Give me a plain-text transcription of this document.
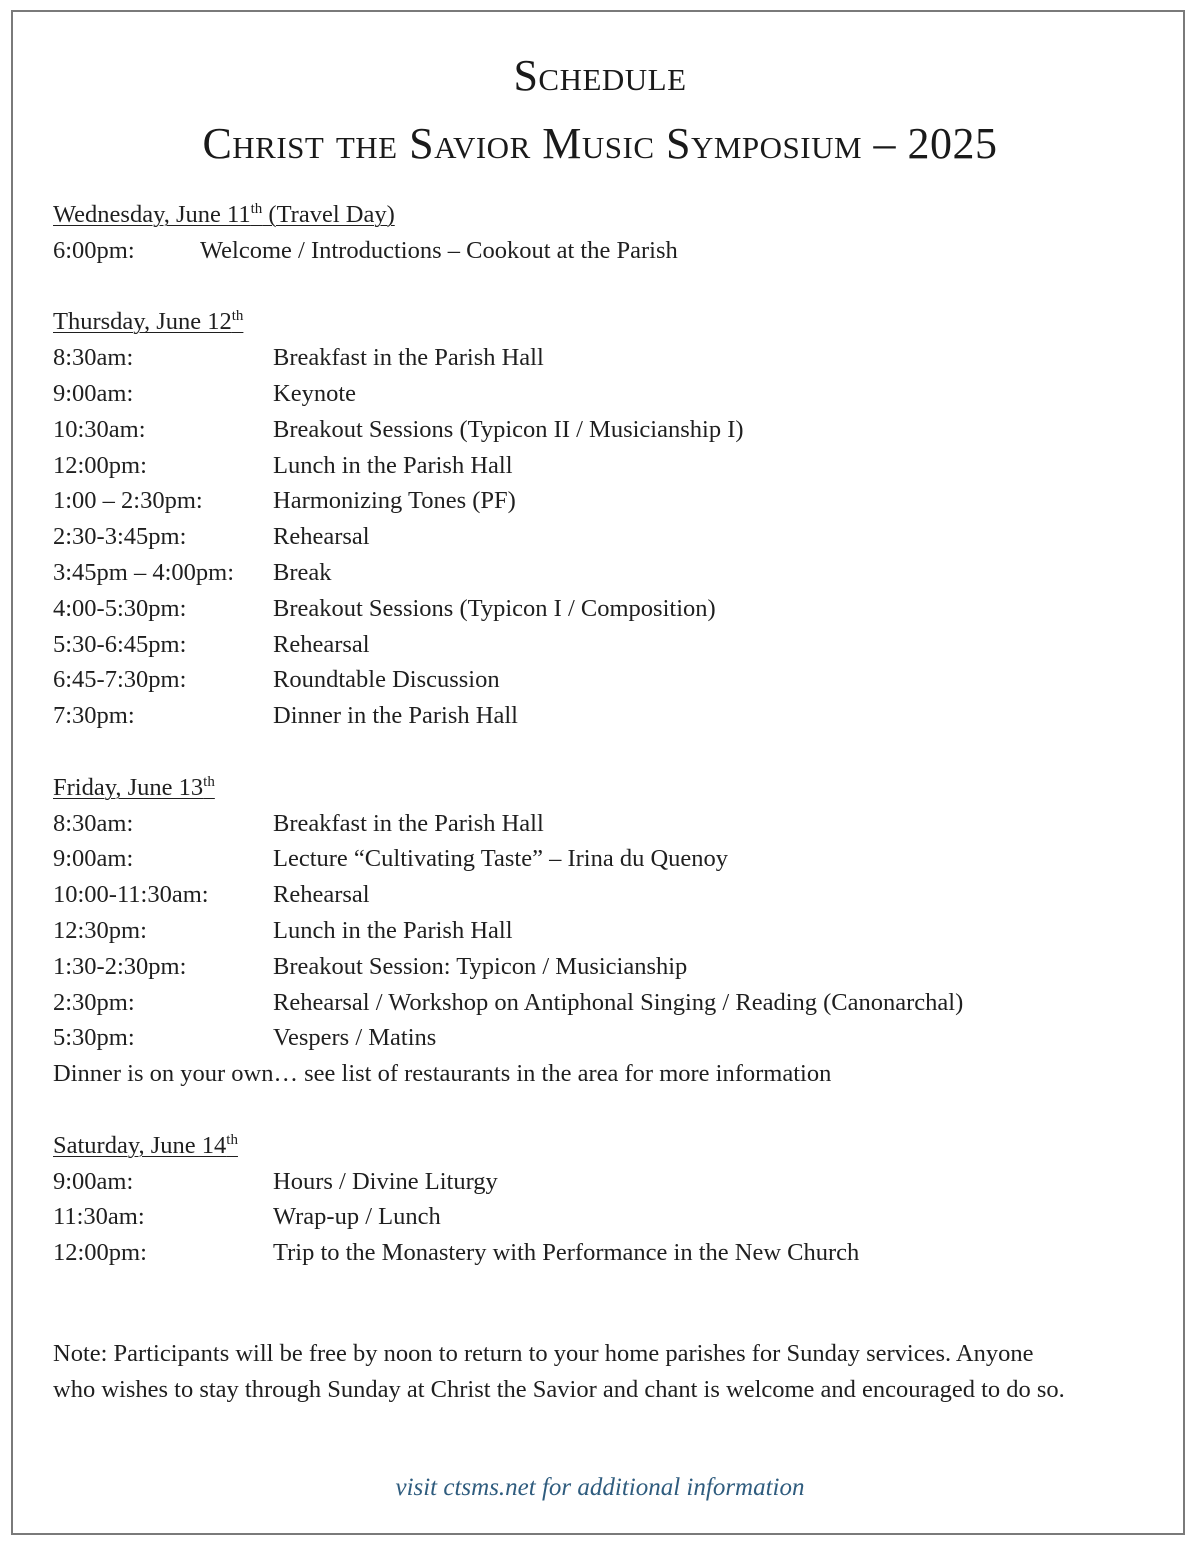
Schedule
Christ the Savior Music Symposium – 2025
Wednesday, June 11th (Travel Day)
6:00pm:	Welcome / Introductions – Cookout at the Parish
Thursday, June 12th
8:30am:	Breakfast in the Parish Hall
9:00am:	Keynote
10:30am:	Breakout Sessions (Typicon II / Musicianship I)
12:00pm:	Lunch in the Parish Hall
1:00 – 2:30pm:	Harmonizing Tones (PF)
2:30-3:45pm:	Rehearsal
3:45pm – 4:00pm:	Break
4:00-5:30pm:	Breakout Sessions (Typicon I / Composition)
5:30-6:45pm:	Rehearsal
6:45-7:30pm:	Roundtable Discussion
7:30pm:	Dinner in the Parish Hall
Friday, June 13th
8:30am:	Breakfast in the Parish Hall
9:00am:	Lecture “Cultivating Taste” – Irina du Quenoy
10:00-11:30am:	Rehearsal
12:30pm:	Lunch in the Parish Hall
1:30-2:30pm:	Breakout Session: Typicon / Musicianship
2:30pm:	Rehearsal / Workshop on Antiphonal Singing / Reading (Canonarchal)
5:30pm:	Vespers / Matins
Dinner is on your own… see list of restaurants in the area for more information
Saturday, June 14th
9:00am:	Hours / Divine Liturgy
11:30am:	Wrap-up / Lunch
12:00pm:	Trip to the Monastery with Performance in the New Church
Note: Participants will be free by noon to return to your home parishes for Sunday services. Anyone
who wishes to stay through Sunday at Christ the Savior and chant is welcome and encouraged to do so.
visit ctsms.net for additional information
